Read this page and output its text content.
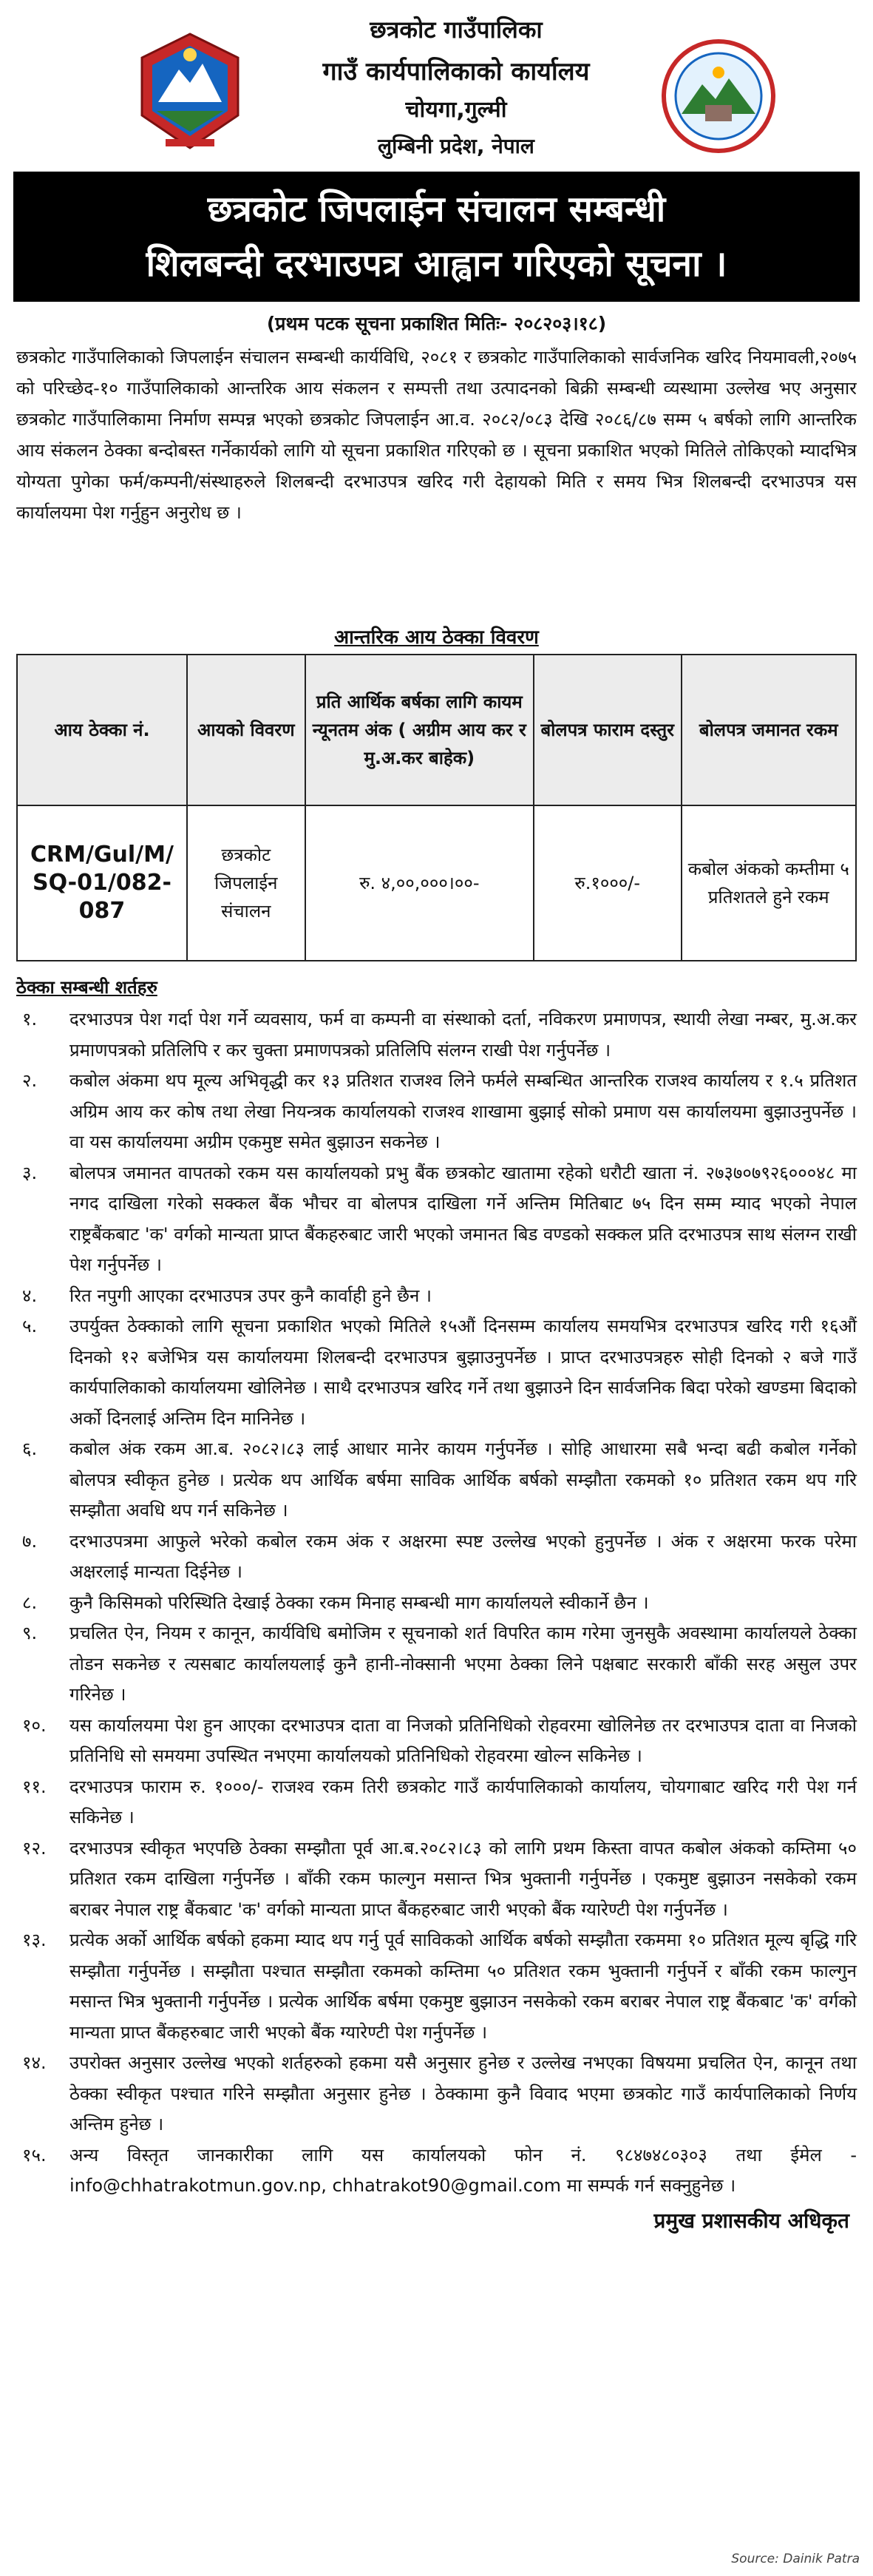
छत्रकोट गाउँपालिका
गाउँ कार्यपालिकाको कार्यालय
चोयगा,गुल्मी
लुम्बिनी प्रदेश, नेपाल
छत्रकोट जिपलाईन संचालन सम्बन्धी
शिलबन्दी दरभाउपत्र आह्वान गरिएको सूचना ।
(प्रथम पटक सूचना प्रकाशित मितिः- २०८२०३।१८)
छत्रकोट गाउँपालिकाको जिपलाईन संचालन सम्बन्धी कार्यविधि, २०८१ र छत्रकोट गाउँपालिकाको सार्वजनिक खरिद नियमावली,२०७५ को परिच्छेद-१० गाउँपालिकाको आन्तरिक आय संकलन र सम्पत्ती तथा उत्पादनको बिक्री सम्बन्धी व्यस्थामा उल्लेख भए अनुसार छत्रकोट गाउँपालिकामा निर्माण सम्पन्न भएको छत्रकोट जिपलाईन आ.व. २०८२/०८३ देखि २०८६/८७ सम्म ५ बर्षको लागि आन्तरिक आय संकलन ठेक्का बन्दोबस्त गर्नेकार्यको लागि यो सूचना प्रकाशित गरिएको छ । सूचना प्रकाशित भएको मितिले तोकिएको म्यादभित्र योग्यता पुगेका फर्म/कम्पनी/संस्थाहरुले शिलबन्दी दरभाउपत्र खरिद गरी देहायको मिति र समय भित्र शिलबन्दी दरभाउपत्र यस कार्यालयमा पेश गर्नुहुन अनुरोध छ ।
आन्तरिक आय ठेक्का विवरण
आय ठेक्का नं.	आयको विवरण	प्रति आर्थिक बर्षका लागि कायम न्यूनतम अंक ( अग्रीम आय कर र मु.अ.कर बाहेक)	बोलपत्र फाराम दस्तुर	बोलपत्र जमानत रकम
CRM/Gul/M/ SQ-01/082-087	छत्रकोट जिपलाईन संचालन	रु. ४,००,०००।००-	रु.१०००/-	कबोल अंकको कम्तीमा ५ प्रतिशतले हुने रकम
ठेक्का सम्बन्धी शर्तहरु
१.	दरभाउपत्र पेश गर्दा पेश गर्ने व्यवसाय, फर्म वा कम्पनी वा संस्थाको दर्ता, नविकरण प्रमाणपत्र, स्थायी लेखा नम्बर, मु.अ.कर प्रमाणपत्रको प्रतिलिपि र कर चुक्ता प्रमाणपत्रको प्रतिलिपि संलग्न राखी पेश गर्नुपर्नेछ ।
२.	कबोल अंकमा थप मूल्य अभिवृद्धी कर १३ प्रतिशत राजश्व लिने फर्मले सम्बन्धित आन्तरिक राजश्व कार्यालय र १.५ प्रतिशत अग्रिम आय कर कोष तथा लेखा नियन्त्रक कार्यालयको राजश्व शाखामा बुझाई सोको प्रमाण यस कार्यालयमा बुझाउनुपर्नेछ । वा यस कार्यालयमा अग्रीम एकमुष्ट समेत बुझाउन सकनेछ ।
३.	बोलपत्र जमानत वापतको रकम यस कार्यालयको प्रभु बैंक छत्रकोट खातामा रहेको धरौटी खाता नं. २७३७०७९२६०००४८ मा नगद दाखिला गरेको सक्कल बैंक भौचर वा बोलपत्र दाखिला गर्ने अन्तिम मितिबाट ७५ दिन सम्म म्याद भएको नेपाल राष्ट्रबैंकबाट 'क' वर्गको मान्यता प्राप्त बैंकहरुबाट जारी भएको जमानत बिड वण्डको सक्कल प्रति दरभाउपत्र साथ संलग्न राखी पेश गर्नुपर्नेछ ।
४.	रित नपुगी आएका दरभाउपत्र उपर कुनै कार्वाही हुने छैन ।
५.	उपर्युक्त ठेक्काको लागि सूचना प्रकाशित भएको मितिले १५औं दिनसम्म कार्यालय समयभित्र दरभाउपत्र खरिद गरी १६औं दिनको १२ बजेभित्र यस कार्यालयमा शिलबन्दी दरभाउपत्र बुझाउनुपर्नेछ । प्राप्त दरभाउपत्रहरु सोही दिनको २ बजे गाउँ कार्यपालिकाको कार्यालयमा खोलिनेछ । साथै दरभाउपत्र खरिद गर्ने तथा बुझाउने दिन सार्वजनिक बिदा परेको खण्डमा बिदाको अर्को दिनलाई अन्तिम दिन मानिनेछ ।
६.	कबोल अंक रकम आ.ब. २०८२।८३ लाई आधार मानेर कायम गर्नुपर्नेछ । सोहि आधारमा सबै भन्दा बढी कबोल गर्नेको बोलपत्र स्वीकृत हुनेछ । प्रत्येक थप आर्थिक बर्षमा साविक आर्थिक बर्षको सम्झौता रकमको १० प्रतिशत रकम थप गरि सम्झौता अवधि थप गर्न सकिनेछ ।
७.	दरभाउपत्रमा आफुले भरेको कबोल रकम अंक र अक्षरमा स्पष्ट उल्लेख भएको हुनुपर्नेछ । अंक र अक्षरमा फरक परेमा अक्षरलाई मान्यता दिईनेछ ।
८.	कुनै किसिमको परिस्थिति देखाई ठेक्का रकम मिनाह सम्बन्धी माग कार्यालयले स्वीकार्ने छैन ।
९.	प्रचलित ऐन, नियम र कानून, कार्यविधि बमोजिम र सूचनाको शर्त विपरित काम गरेमा जुनसुकै अवस्थामा कार्यालयले ठेक्का तोडन सकनेछ र त्यसबाट कार्यालयलाई कुनै हानी-नोक्सानी भएमा ठेक्का लिने पक्षबाट सरकारी बाँकी सरह असुल उपर गरिनेछ ।
१०.	यस कार्यालयमा पेश हुन आएका दरभाउपत्र दाता वा निजको प्रतिनिधिको रोहवरमा खोलिनेछ तर दरभाउपत्र दाता वा निजको प्रतिनिधि सो समयमा उपस्थित नभएमा कार्यालयको प्रतिनिधिको रोहवरमा खोल्न सकिनेछ ।
११.	दरभाउपत्र फाराम रु. १०००/- राजश्व रकम तिरी छत्रकोट गाउँ कार्यपालिकाको कार्यालय, चोयगाबाट खरिद गरी पेश गर्न सकिनेछ ।
१२.	दरभाउपत्र स्वीकृत भएपछि ठेक्का सम्झौता पूर्व आ.ब.२०८२।८३ को लागि प्रथम किस्ता वापत कबोल अंकको कम्तिमा ५० प्रतिशत रकम दाखिला गर्नुपर्नेछ । बाँकी रकम फाल्गुन मसान्त भित्र भुक्तानी गर्नुपर्नेछ । एकमुष्ट बुझाउन नसकेको रकम बराबर नेपाल राष्ट्र बैंकबाट 'क' वर्गको मान्यता प्राप्त बैंकहरुबाट जारी भएको बैंक ग्यारेण्टी पेश गर्नुपर्नेछ ।
१३.	प्रत्येक अर्को आर्थिक बर्षको हकमा म्याद थप गर्नु पूर्व साविकको आर्थिक बर्षको सम्झौता रकममा १० प्रतिशत मूल्य बृद्धि गरि सम्झौता गर्नुपर्नेछ । सम्झौता पश्चात सम्झौता रकमको कम्तिमा ५० प्रतिशत रकम भुक्तानी गर्नुपर्ने र बाँकी रकम फाल्गुन मसान्त भित्र भुक्तानी गर्नुपर्नेछ । प्रत्येक आर्थिक बर्षमा एकमुष्ट बुझाउन नसकेको रकम बराबर नेपाल राष्ट्र बैंकबाट 'क' वर्गको मान्यता प्राप्त बैंकहरुबाट जारी भएको बैंक ग्यारेण्टी पेश गर्नुपर्नेछ ।
१४.	उपरोक्त अनुसार उल्लेख भएको शर्तहरुको हकमा यसै अनुसार हुनेछ र उल्लेख नभएका विषयमा प्रचलित ऐन, कानून तथा ठेक्का स्वीकृत पश्चात गरिने सम्झौता अनुसार हुनेछ । ठेक्कामा कुनै विवाद भएमा छत्रकोट गाउँ कार्यपालिकाको निर्णय अन्तिम हुनेछ ।
१५.	अन्य विस्तृत जानकारीका लागि यस कार्यालयको फोन नं. ९८४७४८०३०३ तथा ईमेल - info@chhatrakotmun.gov.np, chhatrakot90@gmail.com मा सम्पर्क गर्न सक्नुहुनेछ ।
प्रमुख प्रशासकीय अधिकृत
Source: Dainik Patra
